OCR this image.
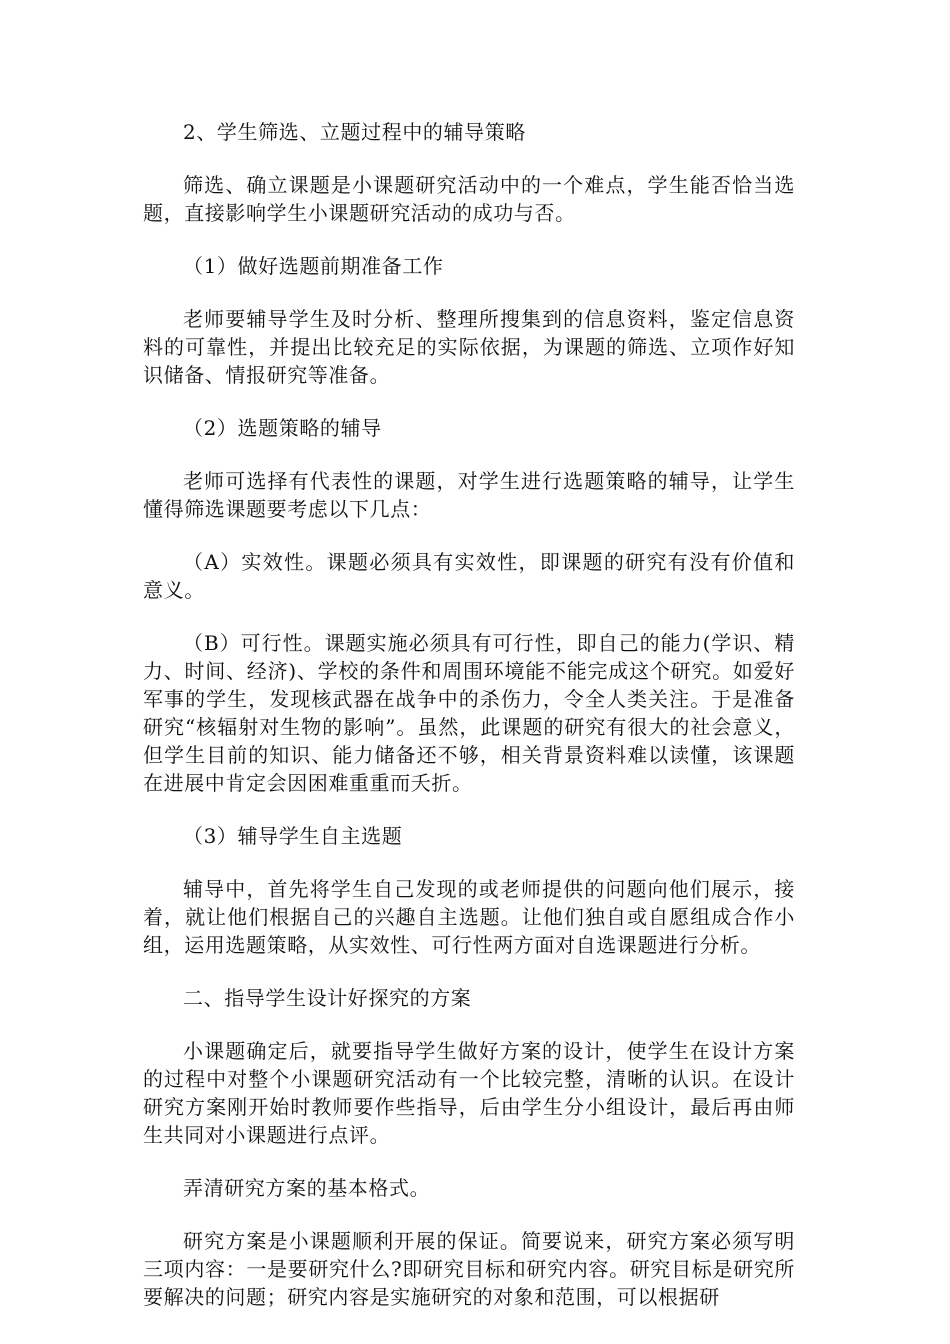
2、学生筛选、立题过程中的辅导策略

筛选、确立课题是小课题研究活动中的一个难点，学生能否恰当选题，直接影响学生小课题研究活动的成功与否。

（1）做好选题前期准备工作

老师要辅导学生及时分析、整理所搜集到的信息资料，鉴定信息资料的可靠性，并提出比较充足的实际依据，为课题的筛选、立项作好知识储备、情报研究等准备。

（2）选题策略的辅导

老师可选择有代表性的课题，对学生进行选题策略的辅导，让学生懂得筛选课题要考虑以下几点：

（A）实效性。课题必须具有实效性，即课题的研究有没有价值和意义。

（B）可行性。课题实施必须具有可行性，即自己的能力(学识、精力、时间、经济)、学校的条件和周围环境能不能完成这个研究。如爱好军事的学生，发现核武器在战争中的杀伤力，令全人类关注。于是准备研究“核辐射对生物的影响”。虽然，此课题的研究有很大的社会意义，但学生目前的知识、能力储备还不够，相关背景资料难以读懂，该课题在进展中肯定会因困难重重而夭折。

（3）辅导学生自主选题

辅导中，首先将学生自己发现的或老师提供的问题向他们展示，接着，就让他们根据自己的兴趣自主选题。让他们独自或自愿组成合作小组，运用选题策略，从实效性、可行性两方面对自选课题进行分析。

二、指导学生设计好探究的方案

小课题确定后，就要指导学生做好方案的设计，使学生在设计方案的过程中对整个小课题研究活动有一个比较完整，清晰的认识。在设计研究方案刚开始时教师要作些指导，后由学生分小组设计，最后再由师生共同对小课题进行点评。

弄清研究方案的基本格式。

研究方案是小课题顺利开展的保证。简要说来，研究方案必须写明三项内容：一是要研究什么?即研究目标和研究内容。研究目标是研究所要解决的问题；研究内容是实施研究的对象和范围，可以根据研
